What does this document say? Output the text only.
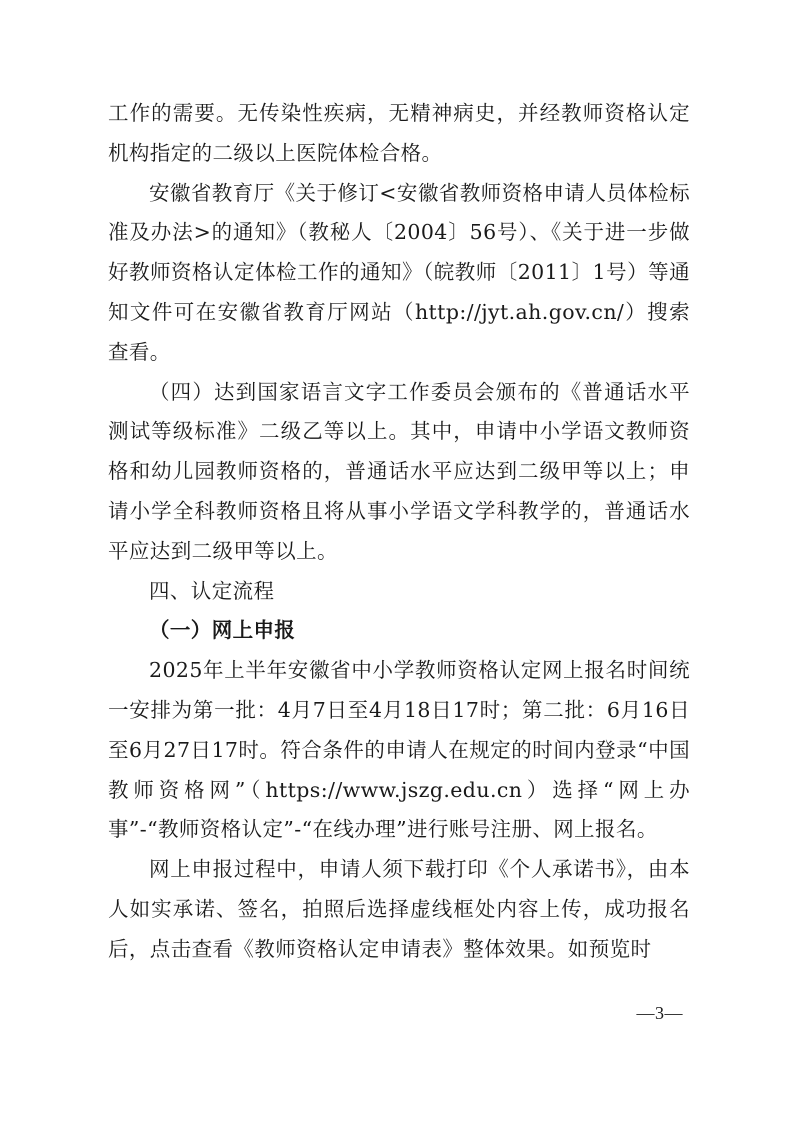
工作的需要。无传染性疾病，无精神病史，并经教师资格认定机构指定的二级以上医院体检合格。

安徽省教育厅《关于修订<安徽省教师资格申请人员体检标准及办法>的通知》（教秘人〔2004〕56号）、《关于进一步做好教师资格认定体检工作的通知》（皖教师〔2011〕1号）等通知文件可在安徽省教育厅网站（http://jyt.ah.gov.cn/）搜索查看。

（四）达到国家语言文字工作委员会颁布的《普通话水平测试等级标准》二级乙等以上。其中，申请中小学语文教师资格和幼儿园教师资格的，普通话水平应达到二级甲等以上；申请小学全科教师资格且将从事小学语文学科教学的，普通话水平应达到二级甲等以上。

四、认定流程

（一）网上申报

2025年上半年安徽省中小学教师资格认定网上报名时间统一安排为第一批：4月7日至4月18日17时；第二批：6月16日至6月27日17时。符合条件的申请人在规定的时间内登录“中国教师资格网”（https://www.jszg.edu.cn）选择“网上办事”-“教师资格认定”-“在线办理”进行账号注册、网上报名。

网上申报过程中，申请人须下载打印《个人承诺书》，由本人如实承诺、签名，拍照后选择虚线框处内容上传，成功报名后，点击查看《教师资格认定申请表》整体效果。如预览时

—3—
